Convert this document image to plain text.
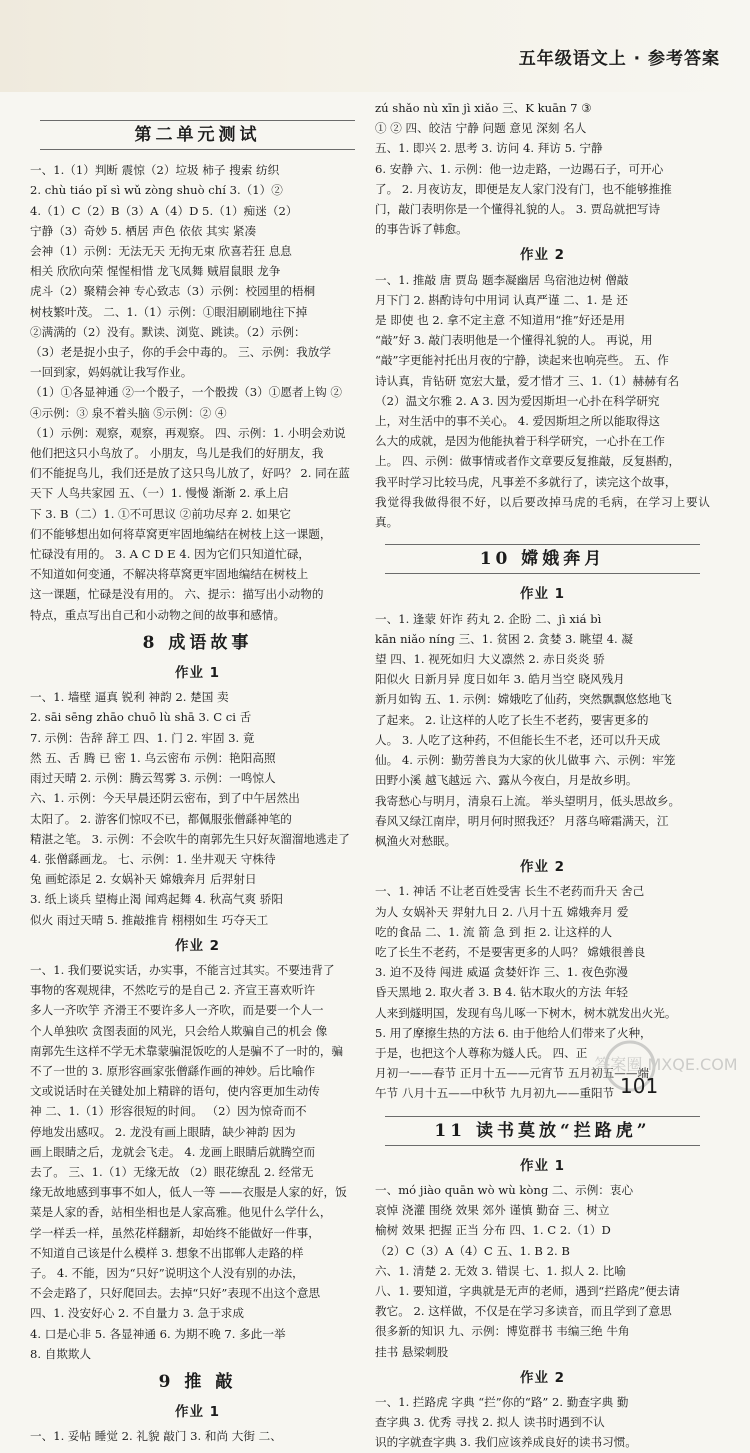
五年级语文上 · 参考答案
第二单元测试

一、1.（1）判断 震惊（2）垃圾 柿子 搜索 纺织

2. chù tiáo pǐ sì wǔ zòng shuò chí 3.（1）②

4.（1）C（2）B（3）A（4）D 5.（1）痴迷（2）

宁静（3）奇妙 5. 栖居 声色 依依 其实 紧凑

会神（1）示例：无法无天 无拘无束 欣喜若狂 息息

相关 欣欣向荣 惺惺相惜 龙飞凤舞 贼眉鼠眼 龙争

虎斗（2）聚精会神 专心致志（3）示例：校园里的梧桐

树枝繁叶茂。 二、1.（1）示例：①眼泪刷刷地往下掉

②满满的（2）没有。默读、浏览、跳读。（2）示例：

（3）老是捉小虫子，你的手会中毒的。 三、示例：我放学

一回到家，妈妈就让我写作业。

（1）①各显神通 ②一个骰子，一个骰拨（3）①愿者上钩 ②

④示例：③ 泉不着头脑 ⑤示例：② ④

（1）示例：观察，观察，再观察。 四、示例：1. 小明会劝说

他们把这只小鸟放了。 小朋友，鸟儿是我们的好朋友，我

们不能捉鸟儿，我们还是放了这只鸟儿放了，好吗？ 2. 同在蓝

天下 人鸟共家园 五、（一）1. 慢慢 渐渐 2. 承上启

下 3. B（二）1. ①不可思议 ②前功尽弃 2. 如果它

们不能够想出如何将草窝更牢固地编结在树枝上这一课题，

忙碌没有用的。 3. A C D E 4. 因为它们只知道忙碌，

不知道如何变通，不解决将草窝更牢固地编结在树枝上

这一课题，忙碌是没有用的。 六、提示：描写出小动物的

特点，重点写出自己和小动物之间的故事和感情。

8 成语故事
作业 1

一、1. 墙壁 逼真 锐利 神韵 2. 楚国 卖

2. sāi sēng zhāo chuō lù shā 3. C ci 舌

7. 示例：告辞 辞工 四、1. 门 2. 牢固 3. 竟

然 五、舌 腾 已 密 1. 乌云密布 示例：艳阳高照

雨过天晴 2. 示例：腾云驾雾 3. 示例：一鸣惊人

六、1. 示例：今天早晨还阴云密布，到了中午居然出

太阳了。 2. 游客们惊叹不已，都佩服张僧繇神笔的

精湛之笔。 3. 示例：不会吹牛的南郭先生只好灰溜溜地逃走了

4. 张僧繇画龙。 七、示例：1. 坐井观天 守株待

兔 画蛇添足 2. 女娲补天 嫦娥奔月 后羿射日

3. 纸上谈兵 望梅止渴 闻鸡起舞 4. 秋高气爽 骄阳

似火 雨过天晴 5. 推敲推肯 栩栩如生 巧夺天工

作业 2

一、1. 我们要说实话，办实事，不能言过其实。不要违背了

事物的客观规律，不然吃亏的是自己 2. 齐宣王喜欢听许

多人一齐吹竽 齐滑王不要许多人一齐吹，而是要一个人一

个人单独吹 贪图表面的风光，只会给人欺骗自己的机会 像

南郭先生这样不学无术靠蒙骗混饭吃的人是骗不了一时的，骗

不了一世的 3. 原形容画家张僧繇作画的神妙。后比喻作

文或说话时在关键处加上精辟的语句，使内容更加生动传

神 二、1.（1）形容很短的时间。 （2）因为惊奇而不

停地发出感叹。 2. 龙没有画上眼睛，缺少神韵 因为

画上眼睛之后，龙就会飞走。 4. 龙画上眼睛后就腾空而

去了。 三、1.（1）无缘无故 （2）眼花缭乱 2. 经常无

缘无故地感到事事不如人，低人一等 ——衣服是人家的好，饭

菜是人家的香，站相坐相也是人家高雅。他见什么学什么，

学一样丢一样，虽然花样翻新，却始终不能做好一件事，

不知道自己该是什么模样 3. 想象不出邯郸人走路的样

子。 4. 不能，因为“只好”说明这个人没有别的办法，

不会走路了，只好爬回去。去掉“只好”表现不出这个意思

四、1. 没安好心 2. 不自量力 3. 急于求成

4. 口是心非 5. 各显神通 6. 为期不晚 7. 多此一举

8. 自欺欺人

9 推 敲
作业 1

一、1. 妥帖 睡觉 2. 礼貌 敲门 3. 和尚 大街 二、

zú shǎo nù xīn jì xiǎo 三、K kuān 7 ③

① ② 四、皎洁 宁静 问题 意见 深刻 名人

五、1. 即兴 2. 思考 3. 访问 4. 拜访 5. 宁静

6. 安静 六、1. 示例：他一边走路，一边踢石子，可开心

了。 2. 月夜访友，即便是友人家门没有门，也不能够推推

门，敲门表明你是一个懂得礼貌的人。 3. 贾岛就把写诗

的事告诉了韩愈。

作业 2

一、1. 推敲 唐 贾岛 题李凝幽居 鸟宿池边树 僧敲

月下门 2. 斟酌诗句中用词 认真严谨 二、1. 是 还

是 即使 也 2. 拿不定主意 不知道用“推”好还是用

“敲”好 3. 敲门表明他是一个懂得礼貌的人。 再说，用

“敲”字更能衬托出月夜的宁静，读起来也响亮些。 五、作

诗认真，肯钻研 宽宏大量，爱才惜才 三、1.（1）赫赫有名

（2）温文尔雅 2. A 3. 因为爱因斯坦一心扑在科学研究

上，对生活中的事不关心。 4. 爱因斯坦之所以能取得这

么大的成就，是因为他能执着于科学研究，一心扑在工作

上。 四、示例：做事情或者作文章要反复推敲，反复斟酌，

我平时学习比较马虎，凡事差不多就行了，读完这个故事，

我觉得我做得很不好，以后要改掉马虎的毛病，在学习上要认真。

10 嫦娥奔月
作业 1

一、1. 逢蒙 奸诈 药丸 2. 企盼 二、jì xiá bì

kān niǎo níng 三、1. 贫困 2. 贪婪 3. 眺望 4. 凝

望 四、1. 视死如归 大义凛然 2. 赤日炎炎 骄

阳似火 日新月异 度日如年 3. 皓月当空 晓风残月

新月如钩 五、1. 示例：嫦娥吃了仙药，突然飘飘悠悠地飞

了起来。 2. 让这样的人吃了长生不老药，要害更多的

人。 3. 人吃了这种药，不但能长生不老，还可以升天成

仙。 4. 示例：勤劳善良为大家的伙儿做事 六、示例：牢笼

田野小溪 越飞越远 六、露从今夜白，月是故乡明。

我寄愁心与明月，清泉石上流。 举头望明月，低头思故乡。

春风又绿江南岸，明月何时照我还？ 月落乌啼霜满天，江

枫渔火对愁眠。

作业 2

一、1. 神话 不让老百姓受害 长生不老药而升天 舍己

为人 女娲补天 羿射九日 2. 八月十五 嫦娥奔月 爱

吃的食品 二、1. 流 箭 急 到 拒 2. 让这样的人

吃了长生不老药，不是要害更多的人吗？ 嫦娥很善良

3. 迫不及待 闯进 威逼 贪婪奸诈 三、1. 夜色弥漫

昏天黑地 2. 取火者 3. B 4. 钻木取火的方法 年轻

人来到燧明国，发现有鸟儿啄一下树木，树木就发出火光。

5. 用了摩擦生热的方法 6. 由于他给人们带来了火种，

于是，也把这个人尊称为燧人氏。 四、正

月初一——春节 正月十五——元宵节 五月初五——端

午节 八月十五——中秋节 九月初九——重阳节

11 读书莫放“拦路虎”
作业 1

一、mó jiào quān wò wù kòng 二、示例：衷心

哀悼 浇灌 围绕 效果 郊外 谨慎 勤奋 三、树立

榆树 效果 把握 正当 分布 四、1. C 2.（1）D

（2）C（3）A（4）C 五、1. B 2. B

六、1. 清楚 2. 无效 3. 错误 七、1. 拟人 2. 比喻

八、1. 要知道，字典就是无声的老师，遇到“拦路虎”便去请

教它。 2. 这样做，不仅是在学习多读音，而且学到了意思

很多新的知识 九、示例：博览群书 韦编三绝 牛角

挂书 悬梁刺股

作业 2

一、1. 拦路虎 字典 “拦”你的“路” 2. 勤查字典 勤

查字典 3. 优秀 寻找 2. 拟人 读书时遇到不认

识的字就查字典 3. 我们应该养成良好的读书习惯。

答案圈 MXQE.COM
101
